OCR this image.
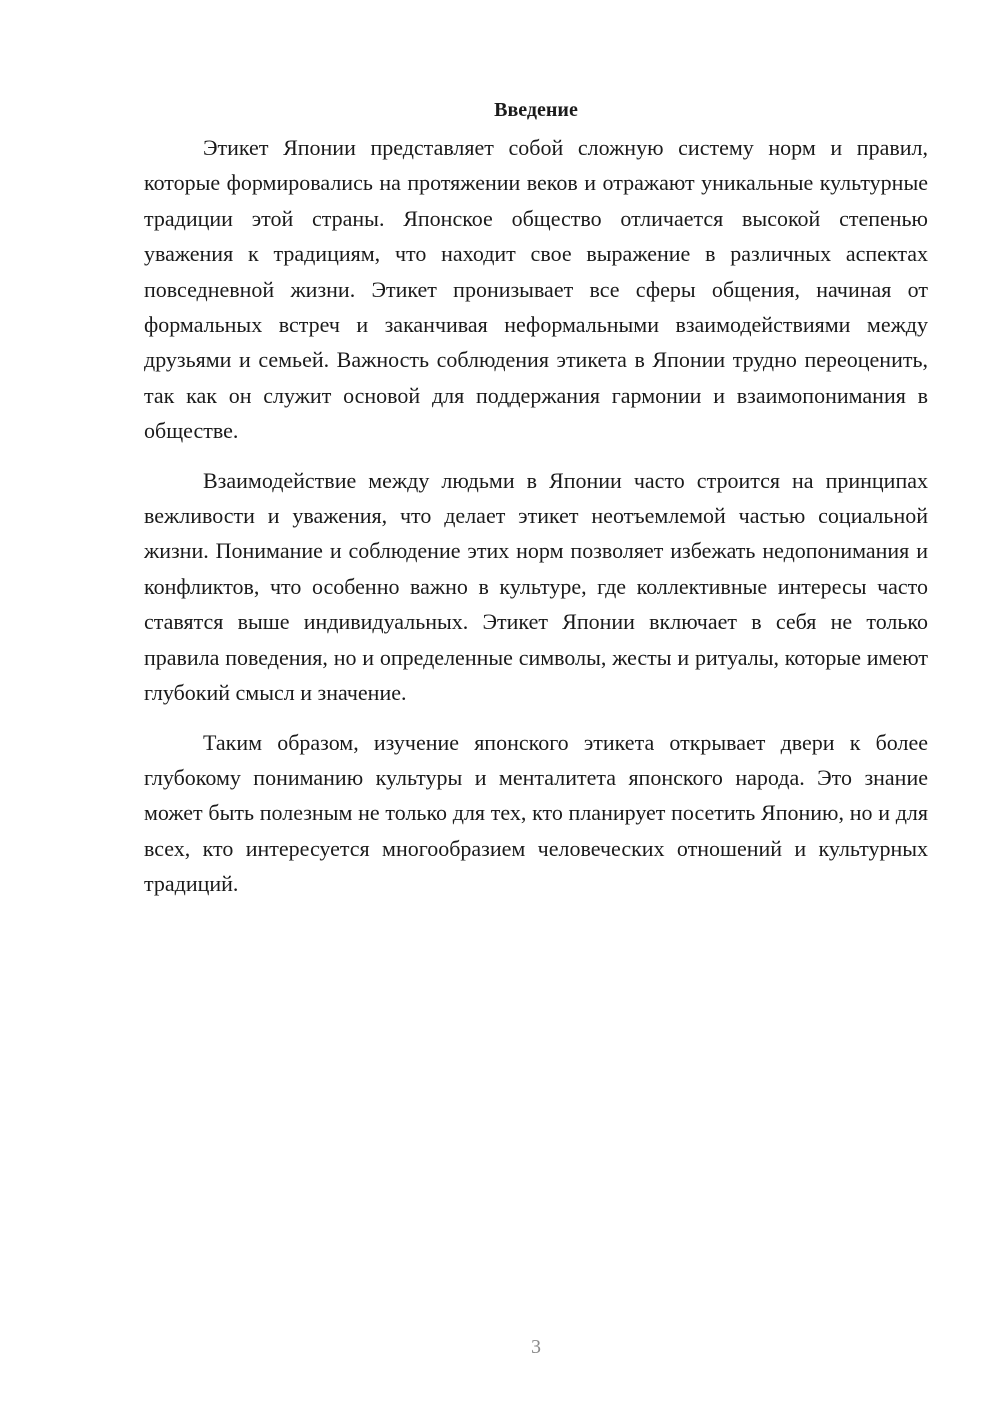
Введение

Этикет Японии представляет собой сложную систему норм и правил, которые формировались на протяжении веков и отражают уникальные культурные традиции этой страны. Японское общество отличается высокой степенью уважения к традициям, что находит свое выражение в различных аспектах повседневной жизни. Этикет пронизывает все сферы общения, начиная от формальных встреч и заканчивая неформальными взаимодействиями между друзьями и семьей. Важность соблюдения этикета в Японии трудно переоценить, так как он служит основой для поддержания гармонии и взаимопонимания в обществе.

Взаимодействие между людьми в Японии часто строится на принципах вежливости и уважения, что делает этикет неотъемлемой частью социальной жизни. Понимание и соблюдение этих норм позволяет избежать недопонимания и конфликтов, что особенно важно в культуре, где коллективные интересы часто ставятся выше индивидуальных. Этикет Японии включает в себя не только правила поведения, но и определенные символы, жесты и ритуалы, которые имеют глубокий смысл и значение.

Таким образом, изучение японского этикета открывает двери к более глубокому пониманию культуры и менталитета японского народа. Это знание может быть полезным не только для тех, кто планирует посетить Японию, но и для всех, кто интересуется многообразием человеческих отношений и культурных традиций.

3
